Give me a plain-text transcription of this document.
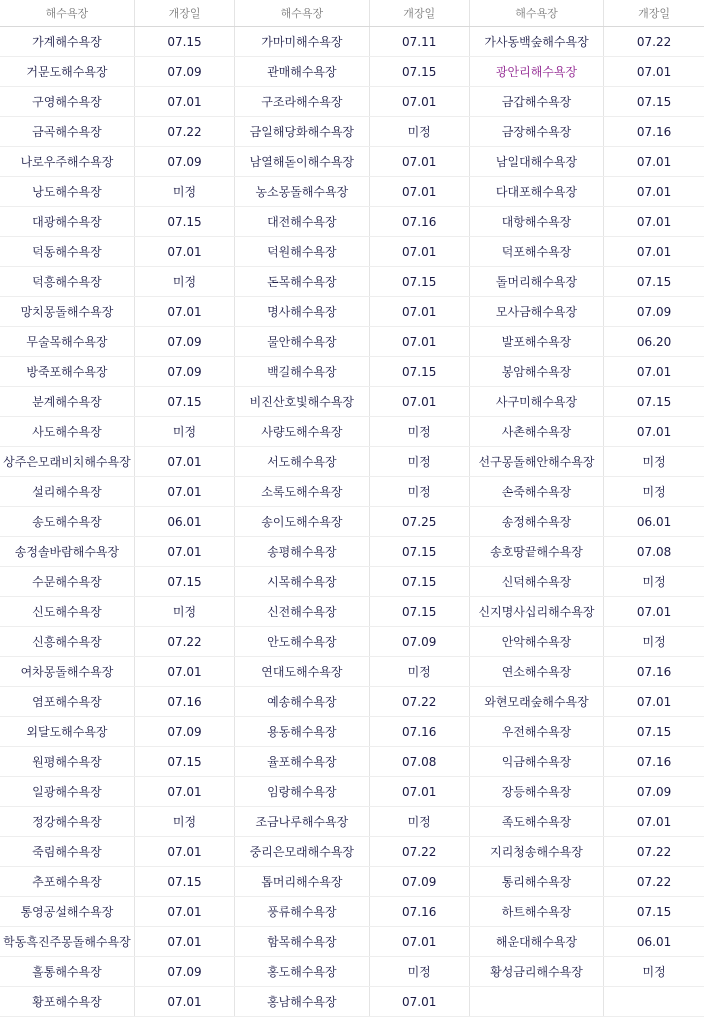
해수욕장	개장일	해수욕장	개장일	해수욕장	개장일
가계해수욕장	07.15	가마미해수욕장	07.11	가사동백숲해수욕장	07.22
거문도해수욕장	07.09	관매해수욕장	07.15	광안리해수욕장	07.01
구영해수욕장	07.01	구조라해수욕장	07.01	금갑해수욕장	07.15
금곡해수욕장	07.22	금일해당화해수욕장	미정	금장해수욕장	07.16
나로우주해수욕장	07.09	남열해돋이해수욕장	07.01	남일대해수욕장	07.01
낭도해수욕장	미정	농소몽돌해수욕장	07.01	다대포해수욕장	07.01
대광해수욕장	07.15	대전해수욕장	07.16	대항해수욕장	07.01
덕동해수욕장	07.01	덕원해수욕장	07.01	덕포해수욕장	07.01
덕흥해수욕장	미정	돈목해수욕장	07.15	돌머리해수욕장	07.15
망치몽돌해수욕장	07.01	명사해수욕장	07.01	모사금해수욕장	07.09
무술목해수욕장	07.09	물안해수욕장	07.01	발포해수욕장	06.20
방죽포해수욕장	07.09	백길해수욕장	07.15	봉암해수욕장	07.01
분계해수욕장	07.15	비진산호빛해수욕장	07.01	사구미해수욕장	07.15
사도해수욕장	미정	사량도해수욕장	미정	사촌해수욕장	07.01
상주은모래비치해수욕장	07.01	서도해수욕장	미정	선구몽돌해안해수욕장	미정
설리해수욕장	07.01	소록도해수욕장	미정	손죽해수욕장	미정
송도해수욕장	06.01	송이도해수욕장	07.25	송정해수욕장	06.01
송정솔바람해수욕장	07.01	송평해수욕장	07.15	송호땅끝해수욕장	07.08
수문해수욕장	07.15	시목해수욕장	07.15	신덕해수욕장	미정
신도해수욕장	미정	신전해수욕장	07.15	신지명사십리해수욕장	07.01
신흥해수욕장	07.22	안도해수욕장	07.09	안악해수욕장	미정
여차몽돌해수욕장	07.01	연대도해수욕장	미정	연소해수욕장	07.16
염포해수욕장	07.16	예송해수욕장	07.22	와현모래숲해수욕장	07.01
외달도해수욕장	07.09	용동해수욕장	07.16	우전해수욕장	07.15
원평해수욕장	07.15	율포해수욕장	07.08	익금해수욕장	07.16
일광해수욕장	07.01	임랑해수욕장	07.01	장등해수욕장	07.09
정강해수욕장	미정	조금나루해수욕장	미정	족도해수욕장	07.01
죽림해수욕장	07.01	중리은모래해수욕장	07.22	지리청송해수욕장	07.22
추포해수욕장	07.15	톱머리해수욕장	07.09	통리해수욕장	07.22
통영공설해수욕장	07.01	풍류해수욕장	07.16	하트해수욕장	07.15
학동흑진주몽돌해수욕장	07.01	함목해수욕장	07.01	해운대해수욕장	06.01
홀통해수욕장	07.09	홍도해수욕장	미정	황성금리해수욕장	미정
황포해수욕장	07.01	홍남해수욕장	07.01		
